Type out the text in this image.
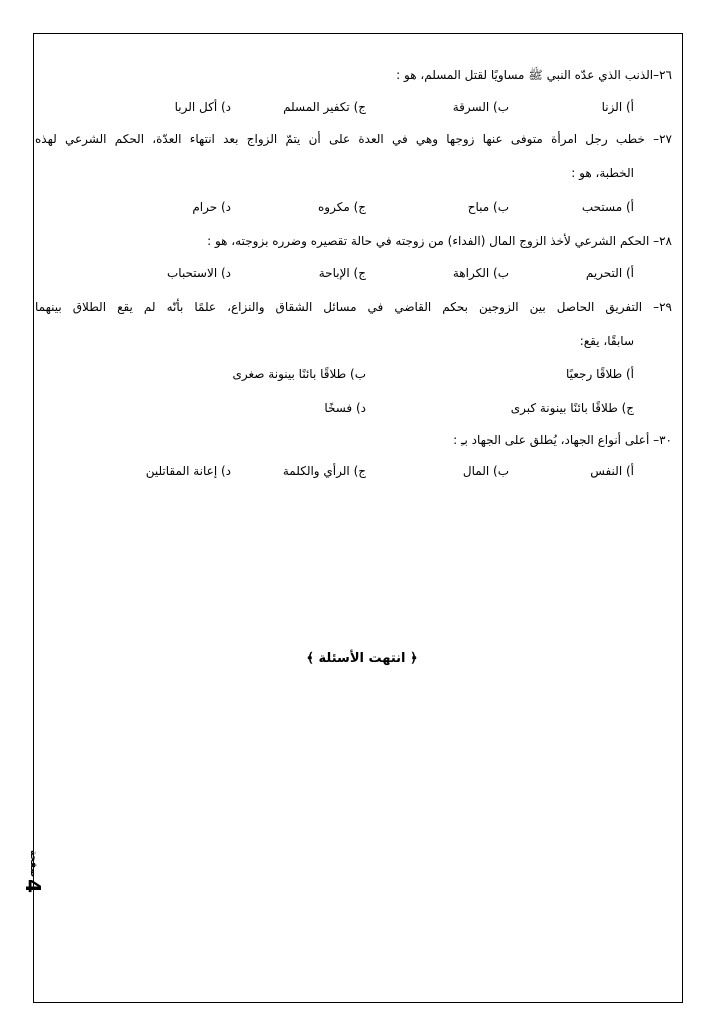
٢٦–الذنب الذي عدّه النبي ﷺ مساويًا لقتل المسلم، هو :
أ) الزنا
ب) السرقة
ج) تكفير المسلم
د) أكل الربا
٢٧– خطب رجل امرأة متوفى عنها زوجها وهي في العدة على أن يتمّ الزواج بعد انتهاء العدّة، الحكم الشرعي لهذه
الخطبة، هو :
أ) مستحب
ب) مباح
ج) مكروه
د) حرام
٢٨– الحكم الشرعي لأخذ الزوج المال (الفداء) من زوجته في حالة تقصيره وضرره بزوجته، هو :
أ) التحريم
ب) الكراهة
ج) الإباحة
د) الاستحباب
٢٩– التفريق الحاصل بين الزوجين بحكم القاضي في مسائل الشقاق والنزاع، علمًا بأنّه لم يقع الطلاق بينهما
سابقًا، يقع:
أ) طلاقًا رجعيًا
ب) طلاقًا بائنًا بينونة صغرى
ج) طلاقًا بائنًا بينونة كبرى
د) فسخًا
٣٠– أعلى أنواع الجهاد، يُطلق على الجهاد بـِ :
أ) النفس
ب) المال
ج) الرأي والكلمة
د) إعانة المقاتلين
﴿ انتهت الأسئلة ﴾
4
صفحة
